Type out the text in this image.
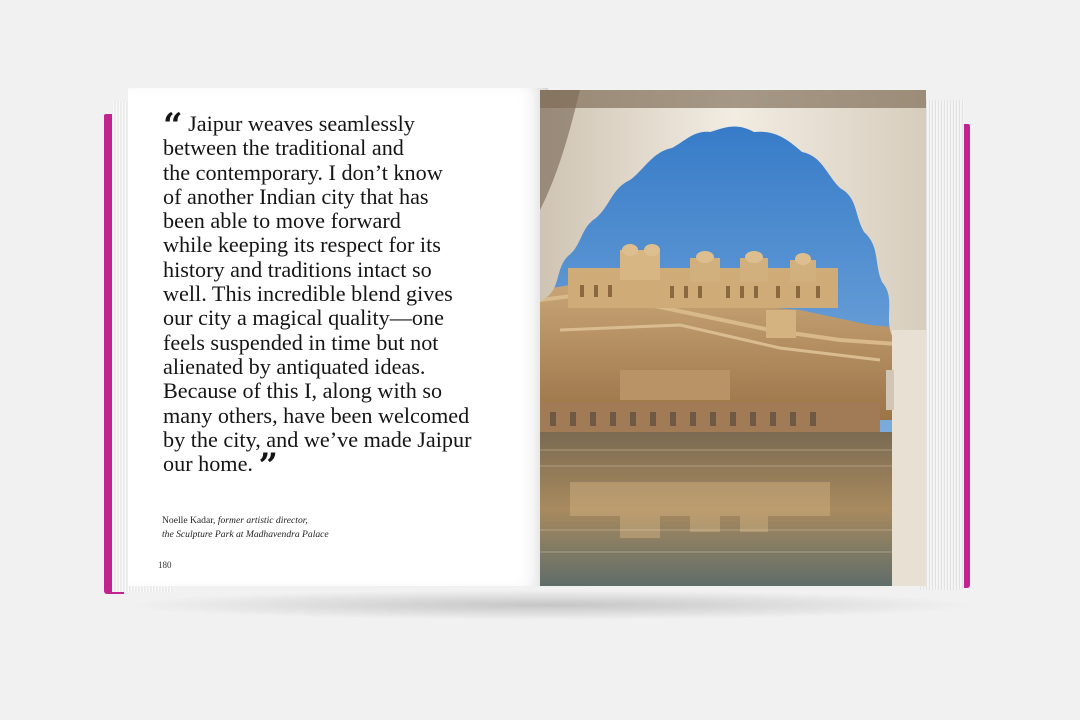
“ Jaipur weaves seamlessly
between the traditional and
the contemporary. I don’t know
of another Indian city that has
been able to move forward
while keeping its respect for its
history and traditions intact so
well. This incredible blend gives
our city a magical quality—one
feels suspended in time but not
alienated by antiquated ideas.
Because of this I, along with so
many others, have been welcomed
by the city, and we’ve made Jaipur
our home. ”

Noelle Kadar, former artistic director,
the Sculpture Park at Madhavendra Palace
180
